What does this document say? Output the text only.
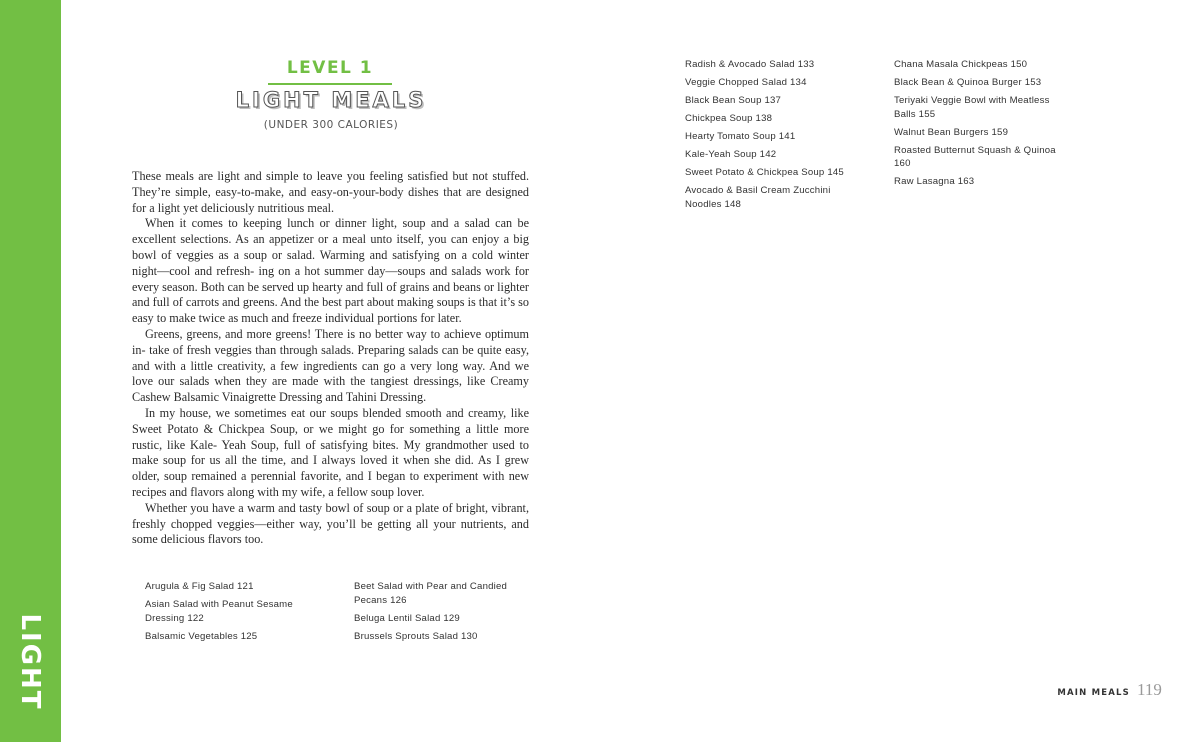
LIGHT
LEVEL 1
LIGHT MEALS
(UNDER 300 CALORIES)

These meals are light and simple to leave you feeling satisfied but not stuffed. They’re simple, easy-to-make, and easy-on-your-body dishes that are designed for a light yet deliciously nutritious meal.

When it comes to keeping lunch or dinner light, soup and a salad can be excellent selections. As an appetizer or a meal unto itself, you can enjoy a big bowl of veggies as a soup or salad. Warming and satisfying on a cold winter night—cool and refresh- ing on a hot summer day—soups and salads work for every season. Both can be served up hearty and full of grains and beans or lighter and full of carrots and greens. And the best part about making soups is that it’s so easy to make twice as much and freeze individual portions for later.

Greens, greens, and more greens! There is no better way to achieve optimum in- take of fresh veggies than through salads. Preparing salads can be quite easy, and with a little creativity, a few ingredients can go a very long way. And we love our salads when they are made with the tangiest dressings, like Creamy Cashew Balsamic Vinaigrette Dressing and Tahini Dressing.

In my house, we sometimes eat our soups blended smooth and creamy, like Sweet Potato & Chickpea Soup, or we might go for something a little more rustic, like Kale- Yeah Soup, full of satisfying bites. My grandmother used to make soup for us all the time, and I always loved it when she did. As I grew older, soup remained a perennial favorite, and I began to experiment with new recipes and flavors along with my wife, a fellow soup lover.

Whether you have a warm and tasty bowl of soup or a plate of bright, vibrant, freshly chopped veggies—either way, you’ll be getting all your nutrients, and some delicious flavors too.

Arugula & Fig Salad 121
Asian Salad with Peanut Sesame Dressing 122
Balsamic Vegetables 125
Beet Salad with Pear and Candied Pecans 126
Beluga Lentil Salad 129
Brussels Sprouts Salad 130
Radish & Avocado Salad 133
Veggie Chopped Salad 134
Black Bean Soup 137
Chickpea Soup 138
Hearty Tomato Soup 141
Kale-Yeah Soup 142
Sweet Potato & Chickpea Soup 145
Avocado & Basil Cream Zucchini Noodles 148
Chana Masala Chickpeas 150
Black Bean & Quinoa Burger 153
Teriyaki Veggie Bowl with Meatless Balls 155
Walnut Bean Burgers 159
Roasted Butternut Squash & Quinoa 160
Raw Lasagna 163
MAIN MEALS 119
